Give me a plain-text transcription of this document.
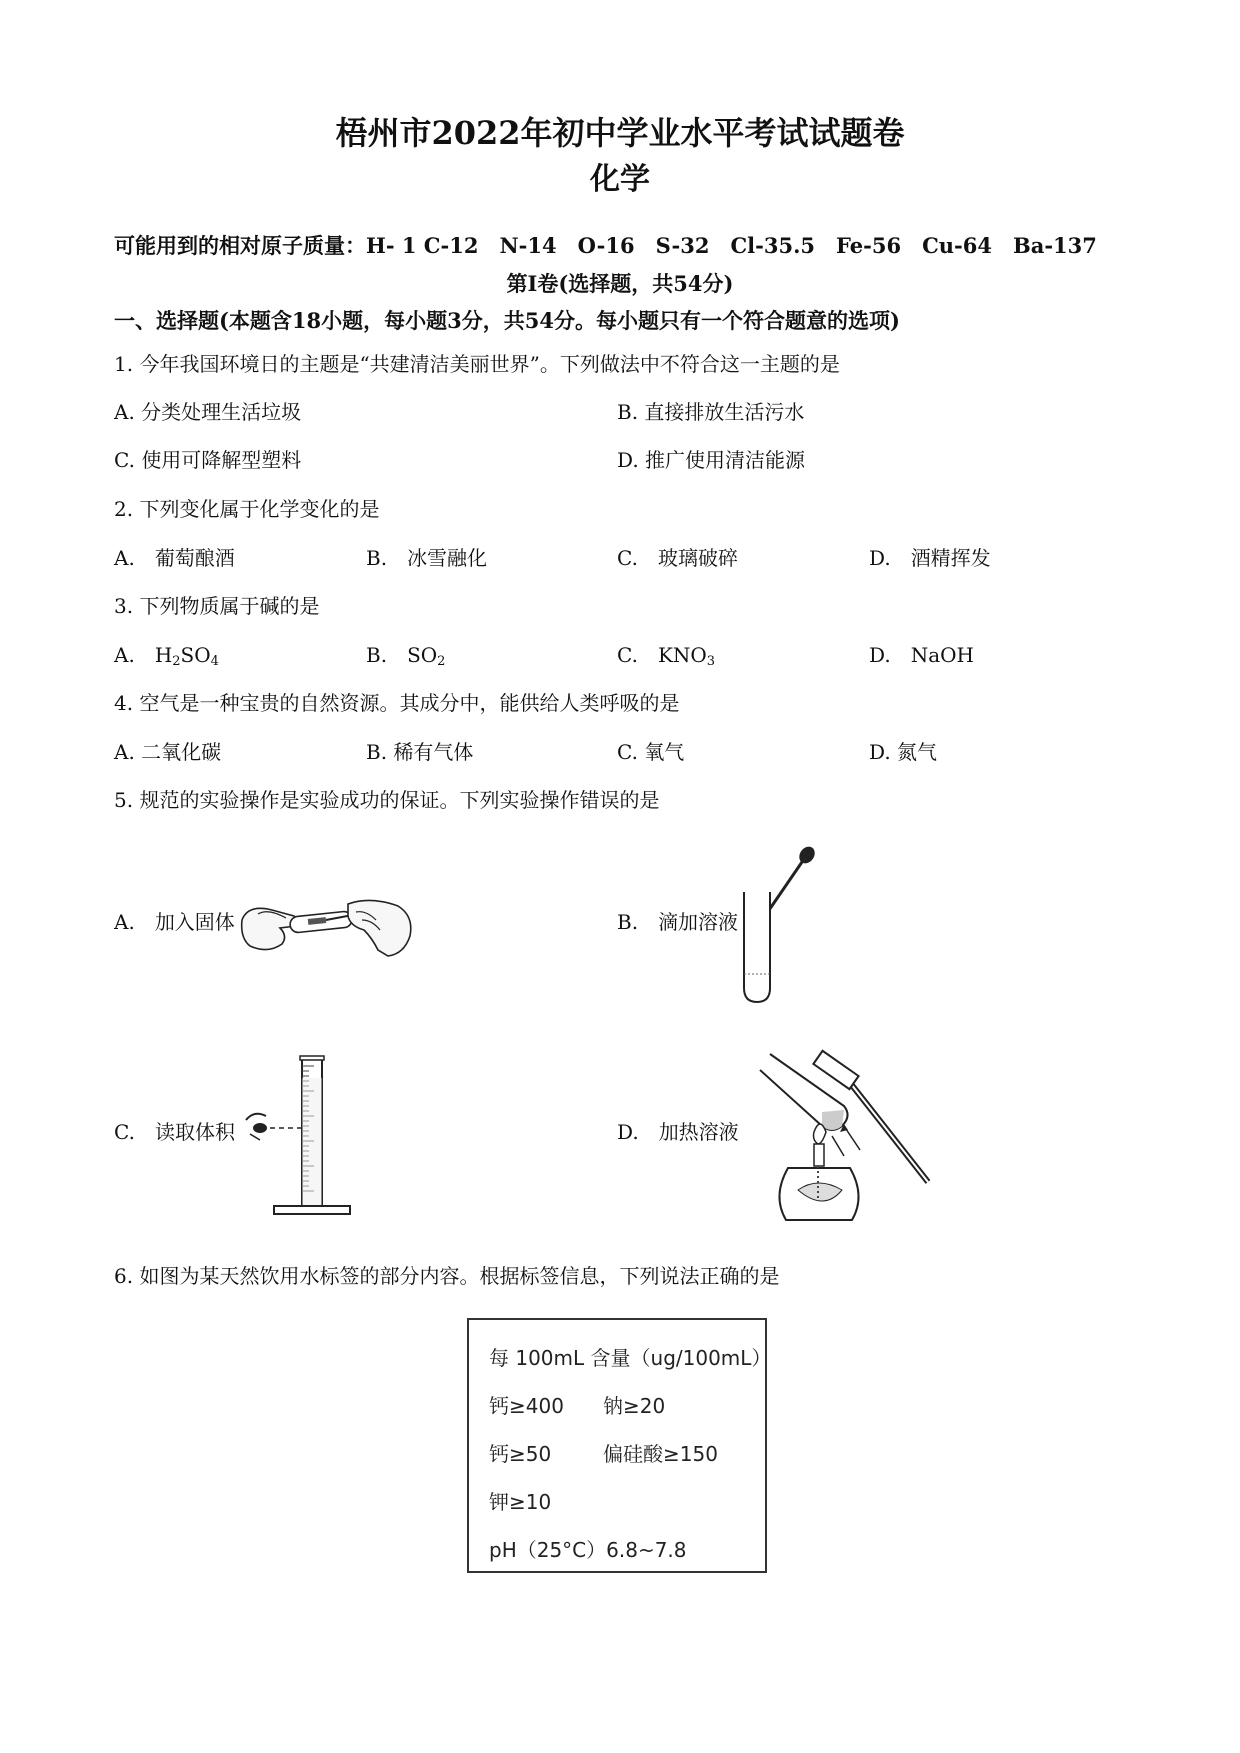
梧州市2022年初中学业水平考试试题卷
化学
可能用到的相对原子质量：H- 1 C-12　N-14　O-16　S-32　Cl-35.5　Fe-56　Cu-64　Ba-137
第Ⅰ卷(选择题，共54分)
一、选择题(本题含18小题，每小题3分，共54分。每小题只有一个符合题意的选项)
1. 今年我国环境日的主题是“共建清洁美丽世界”。下列做法中不符合这一主题的是
A. 分类处理生活垃圾	B. 直接排放生活污水
C. 使用可降解型塑料	D. 推广使用清洁能源
2. 下列变化属于化学变化的是
A.　 葡萄酿酒	B.　 冰雪融化	C.　 玻璃破碎	D.　 酒精挥发
3. 下列物质属于碱的是
A.　 $H_2SO_4$	B.　 $SO_2$	C.　 $KNO_3$	D.　 NaOH
4. 空气是一种宝贵的自然资源。其成分中，能供给人类呼吸的是
A. 二氧化碳	B. 稀有气体	C. 氧气	D. 氮气
5. 规范的实验操作是实验成功的保证。下列实验操作错误的是
A.　 加入固体	B.　 滴加溶液
C.　 读取体积	D.　 加热溶液
6. 如图为某天然饮用水标签的部分内容。根据标签信息，下列说法正确的是
每 100mL 含量（ug/100mL）
钙≥400 钠≥20
钙≥50	偏硅酸≥150
钾≥10
pH（25°C）6.8~7.8
